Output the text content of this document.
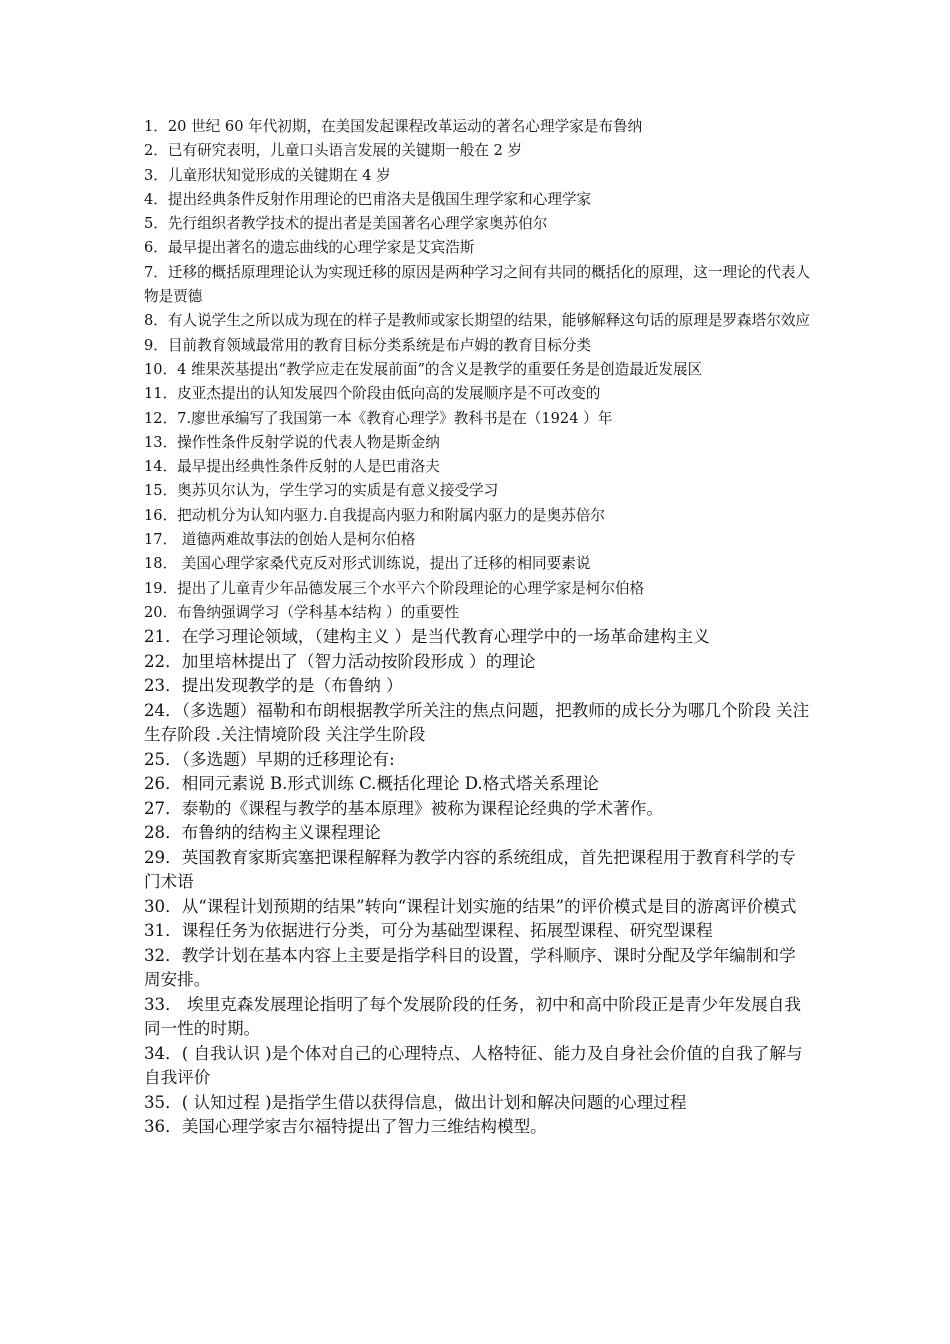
1．20 世纪 60 年代初期，在美国发起课程改革运动的著名心理学家是布鲁纳

2．已有研究表明，儿童口头语言发展的关键期一般在 2 岁

3．儿童形状知觉形成的关键期在 4 岁

4．提出经典条件反射作用理论的巴甫洛夫是俄国生理学家和心理学家

5．先行组织者教学技术的提出者是美国著名心理学家奥苏伯尔

6．最早提出著名的遗忘曲线的心理学家是艾宾浩斯

7．迁移的概括原理理论认为实现迁移的原因是两种学习之间有共同的概括化的原理，这一理论的代表人物是贾德

8．有人说学生之所以成为现在的样子是教师或家长期望的结果，能够解释这句话的原理是罗森塔尔效应

9．目前教育领域最常用的教育目标分类系统是布卢姆的教育目标分类

10．4 维果茨基提出“教学应走在发展前面”的含义是教学的重要任务是创造最近发展区

11．皮亚杰提出的认知发展四个阶段由低向高的发展顺序是不可改变的

12．7.廖世承编写了我国第一本《教育心理学》教科书是在（1924 ）年

13．操作性条件反射学说的代表人物是斯金纳

14．最早提出经典性条件反射的人是巴甫洛夫

15．奥苏贝尔认为，学生学习的实质是有意义接受学习

16．把动机分为认知内驱力.自我提高内驱力和附属内驱力的是奥苏倍尔

17． 道德两难故事法的创始人是柯尔伯格

18． 美国心理学家桑代克反对形式训练说，提出了迁移的相同要素说

19．提出了儿童青少年品德发展三个水平六个阶段理论的心理学家是柯尔伯格

20．布鲁纳强调学习（学科基本结构 ）的重要性

21．在学习理论领域，（建构主义 ）是当代教育心理学中的一场革命建构主义

22．加里培林提出了（智力活动按阶段形成 ）的理论

23．提出发现教学的是（布鲁纳 ）

24．（多选题）福勒和布朗根据教学所关注的焦点问题，把教师的成长分为哪几个阶段 关注生存阶段 .关注情境阶段 关注学生阶段

25．（多选题）早期的迁移理论有:

26．相同元素说 B.形式训练 C.概括化理论 D.格式塔关系理论

27．泰勒的《课程与教学的基本原理》被称为课程论经典的学术著作。

28．布鲁纳的结构主义课程理论

29．英国教育家斯宾塞把课程解释为教学内容的系统组成，首先把课程用于教育科学的专门术语

30．从“课程计划预期的结果”转向“课程计划实施的结果”的评价模式是目的游离评价模式

31．课程任务为依据进行分类，可分为基础型课程、拓展型课程、研究型课程

32．教学计划在基本内容上主要是指学科目的设置，学科顺序、课时分配及学年编制和学周安排。

33． 埃里克森发展理论指明了每个发展阶段的任务，初中和高中阶段正是青少年发展自我同一性的时期。

34．( 自我认识 )是个体对自己的心理特点、人格特征、能力及自身社会价值的自我了解与自我评价

35．( 认知过程 )是指学生借以获得信息，做出计划和解决问题的心理过程

36．美国心理学家吉尔福特提出了智力三维结构模型。
